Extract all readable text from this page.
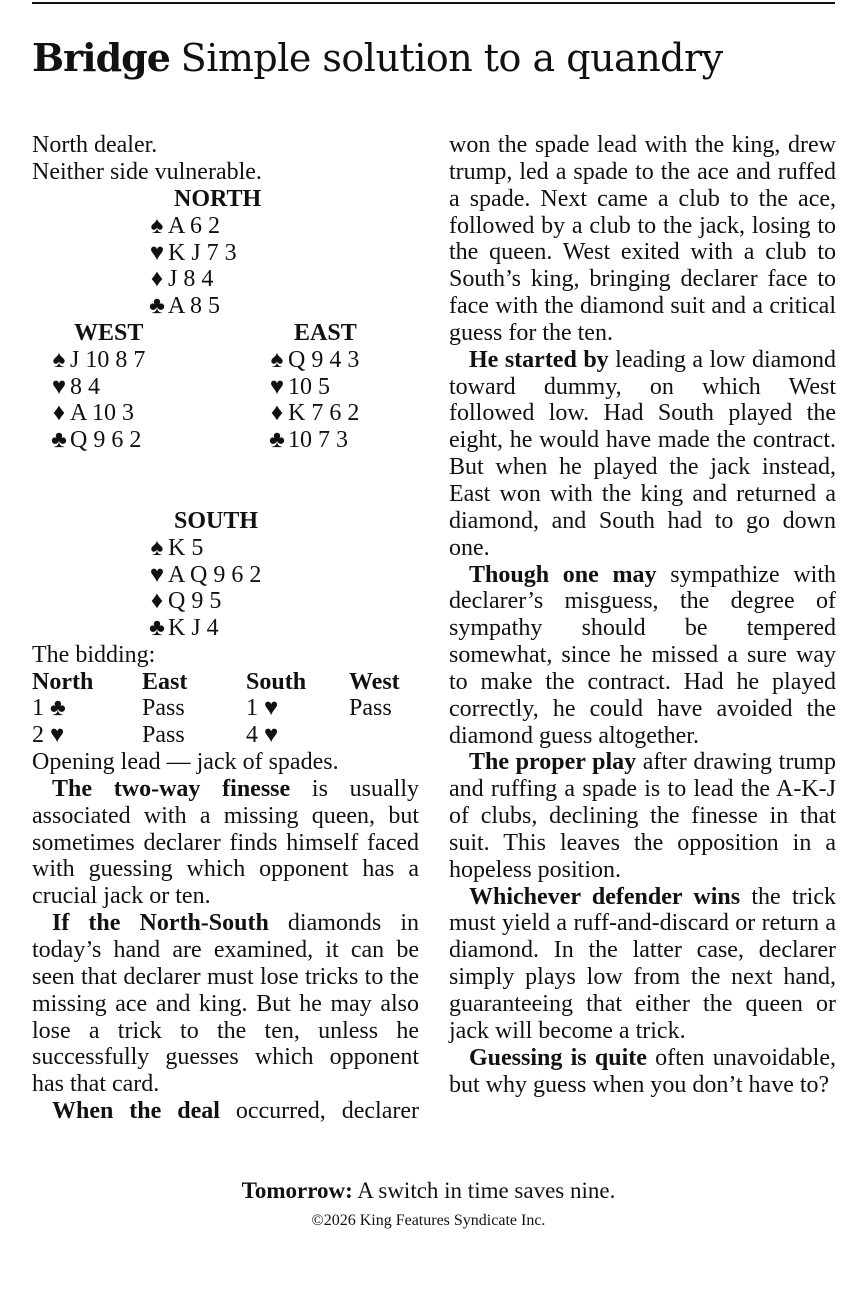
Bridge Simple solution to a quandry
North dealer.
Neither side vulnerable.
NORTH
♠ A 6 2
♥ K J 7 3
♦ J 8 4
♣ A 8 5
WEST
♠ J 10 8 7
♥ 8 4
♦ A 10 3
♣ Q 9 6 2
EAST
♠ Q 9 4 3
♥ 10 5
♦ K 7 6 2
♣ 10 7 3
SOUTH
♠ K 5
♥ A Q 9 6 2
♦ Q 9 5
♣ K J 4
The bidding:
North	East	South	West
1 ♣	Pass	1 ♥	Pass
2 ♥	Pass	4 ♥	
Opening lead — jack of spades.

The two-way finesse is usually associated with a missing queen, but sometimes declarer finds himself faced with guessing which opponent has a crucial jack or ten.

If the North-South diamonds in today’s hand are examined, it can be seen that declarer must lose tricks to the missing ace and king. But he may also lose a trick to the ten, unless he successfully guesses which opponent has that card.

When the deal occurred, declarer

won the spade lead with the king, drew trump, led a spade to the ace and ruffed a spade. Next came a club to the ace, followed by a club to the jack, losing to the queen. West exited with a club to South’s king, bringing declarer face to face with the diamond suit and a critical guess for the ten.

He started by leading a low diamond toward dummy, on which West followed low. Had South played the eight, he would have made the contract. But when he played the jack instead, East won with the king and returned a diamond, and South had to go down one.

Though one may sympathize with declarer’s misguess, the degree of sympathy should be tempered somewhat, since he missed a sure way to make the contract. Had he played correctly, he could have avoided the diamond guess altogether.

The proper play after drawing trump and ruffing a spade is to lead the A-K-J of clubs, declining the finesse in that suit. This leaves the opposition in a hopeless position.

Whichever defender wins the trick must yield a ruff-and-discard or return a diamond. In the latter case, declarer simply plays low from the next hand, guaranteeing that either the queen or jack will become a trick.

Guessing is quite often unavoidable, but why guess when you don’t have to?

Tomorrow: A switch in time saves nine.
©2026 King Features Syndicate Inc.
